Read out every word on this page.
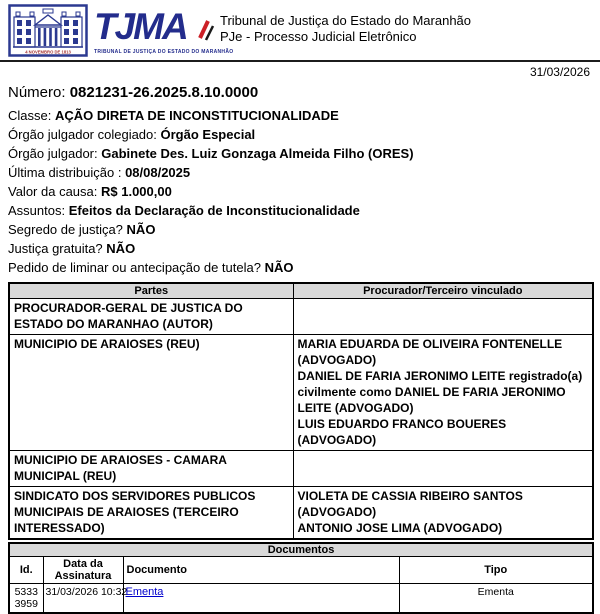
4 NOVEMBRO DE 1813
TJMA
TRIBUNAL DE JUSTIÇA DO ESTADO DO MARANHÃO
Tribunal de Justiça do Estado do Maranhão
PJe - Processo Judicial Eletrônico
31/03/2026
Número: 0821231-26.2025.8.10.0000
Classe: AÇÃO DIRETA DE INCONSTITUCIONALIDADE
Órgão julgador colegiado: Órgão Especial
Órgão julgador: Gabinete Des. Luiz Gonzaga Almeida Filho (ORES)
Última distribuição : 08/08/2025
Valor da causa: R$ 1.000,00
Assuntos: Efeitos da Declaração de Inconstitucionalidade
Segredo de justiça? NÃO
Justiça gratuita? NÃO
Pedido de liminar ou antecipação de tutela? NÃO
Partes	Procurador/Terceiro vinculado
PROCURADOR-GERAL DE JUSTICA DO ESTADO DO MARANHAO (AUTOR)	
MUNICIPIO DE ARAIOSES (REU)	MARIA EDUARDA DE OLIVEIRA FONTENELLE (ADVOGADO)
DANIEL DE FARIA JERONIMO LEITE registrado(a) civilmente como DANIEL DE FARIA JERONIMO LEITE (ADVOGADO)
LUIS EDUARDO FRANCO BOUERES (ADVOGADO)

MUNICIPIO DE ARAIOSES - CAMARA MUNICIPAL (REU)	
SINDICATO DOS SERVIDORES PUBLICOS MUNICIPAIS DE ARAIOSES (TERCEIRO INTERESSADO)	VIOLETA DE CASSIA RIBEIRO SANTOS (ADVOGADO)
ANTONIO JOSE LIMA (ADVOGADO)
Documentos			
Id.	Data da Assinatura	Documento	Tipo
53333959	31/03/2026 10:32	Ementa	Ementa
